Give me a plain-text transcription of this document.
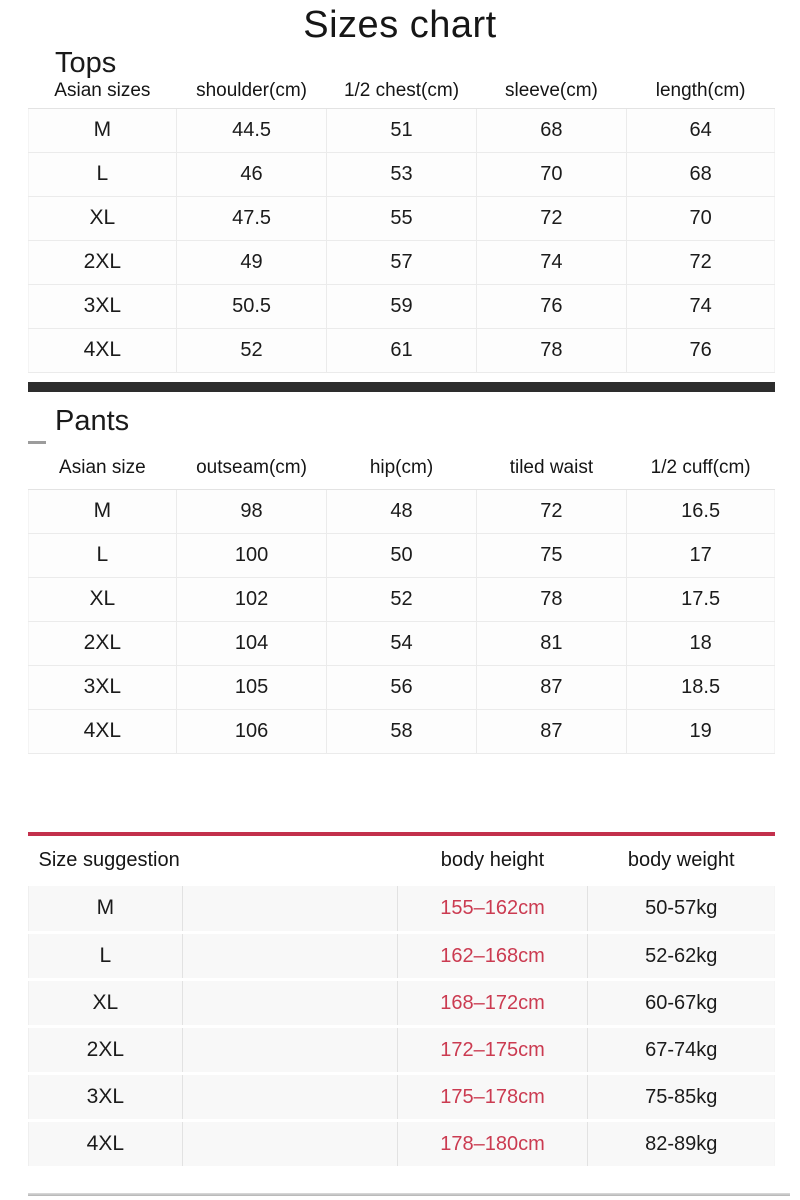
Sizes chart
Tops
Asian sizes	shoulder(cm)	1/2 chest(cm)	sleeve(cm)	length(cm)
M	44.5	51	68	64
L	46	53	70	68
XL	47.5	55	72	70
2XL	49	57	74	72
3XL	50.5	59	76	74
4XL	52	61	78	76
Pants
Asian size	outseam(cm)	hip(cm)	tiled waist	1/2 cuff(cm)
M	98	48	72	16.5
L	100	50	75	17
XL	102	52	78	17.5
2XL	104	54	81	18
3XL	105	56	87	18.5
4XL	106	58	87	19
Size suggestion		body height	body weight
M		155–162cm	50-57kg
L		162–168cm	52-62kg
XL		168–172cm	60-67kg
2XL		172–175cm	67-74kg
3XL		175–178cm	75-85kg
4XL		178–180cm	82-89kg
